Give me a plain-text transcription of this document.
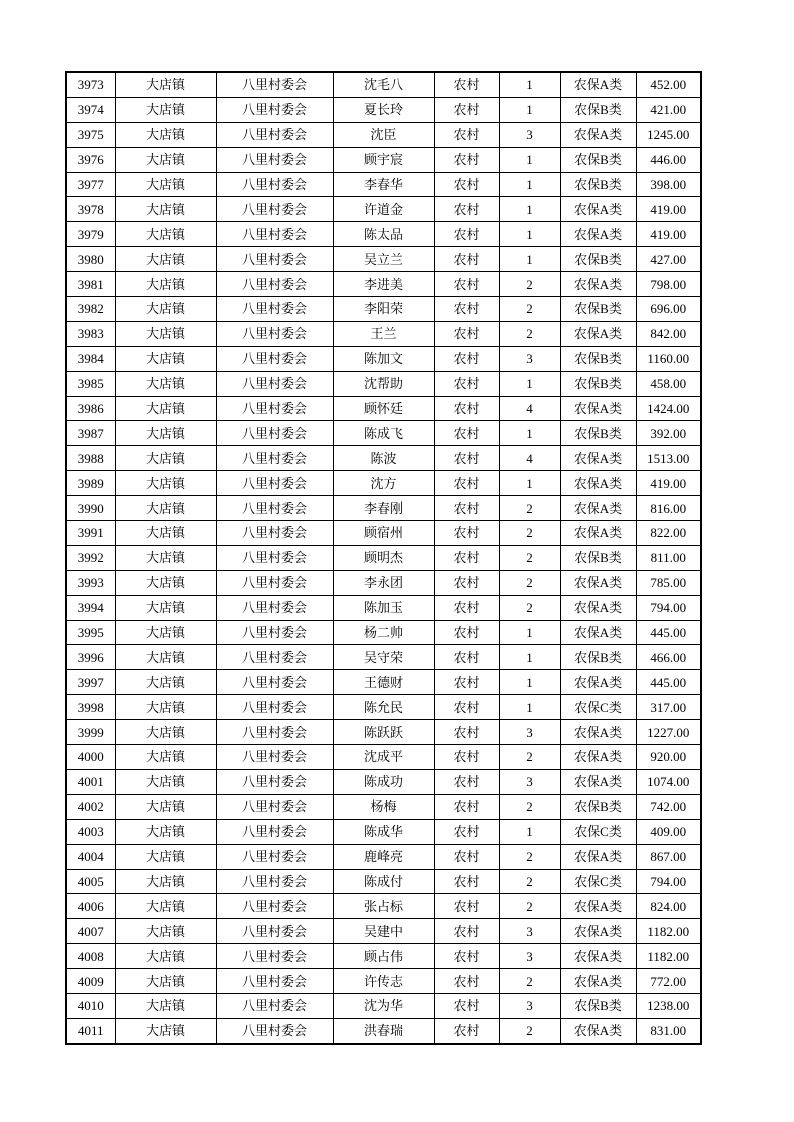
3973	大店镇	八里村委会	沈毛八	农村	1	农保A类	452.00
3974	大店镇	八里村委会	夏长玲	农村	1	农保B类	421.00
3975	大店镇	八里村委会	沈臣	农村	3	农保A类	1245.00
3976	大店镇	八里村委会	顾宇宸	农村	1	农保B类	446.00
3977	大店镇	八里村委会	李春华	农村	1	农保B类	398.00
3978	大店镇	八里村委会	许道金	农村	1	农保A类	419.00
3979	大店镇	八里村委会	陈太品	农村	1	农保A类	419.00
3980	大店镇	八里村委会	吴立兰	农村	1	农保B类	427.00
3981	大店镇	八里村委会	李进美	农村	2	农保A类	798.00
3982	大店镇	八里村委会	李阳荣	农村	2	农保B类	696.00
3983	大店镇	八里村委会	王兰	农村	2	农保A类	842.00
3984	大店镇	八里村委会	陈加文	农村	3	农保B类	1160.00
3985	大店镇	八里村委会	沈帮助	农村	1	农保B类	458.00
3986	大店镇	八里村委会	顾怀廷	农村	4	农保A类	1424.00
3987	大店镇	八里村委会	陈成飞	农村	1	农保B类	392.00
3988	大店镇	八里村委会	陈波	农村	4	农保A类	1513.00
3989	大店镇	八里村委会	沈方	农村	1	农保A类	419.00
3990	大店镇	八里村委会	李春刚	农村	2	农保A类	816.00
3991	大店镇	八里村委会	顾宿州	农村	2	农保A类	822.00
3992	大店镇	八里村委会	顾明杰	农村	2	农保B类	811.00
3993	大店镇	八里村委会	李永团	农村	2	农保A类	785.00
3994	大店镇	八里村委会	陈加玉	农村	2	农保A类	794.00
3995	大店镇	八里村委会	杨二帅	农村	1	农保A类	445.00
3996	大店镇	八里村委会	吴守荣	农村	1	农保B类	466.00
3997	大店镇	八里村委会	王德财	农村	1	农保A类	445.00
3998	大店镇	八里村委会	陈允民	农村	1	农保C类	317.00
3999	大店镇	八里村委会	陈跃跃	农村	3	农保A类	1227.00
4000	大店镇	八里村委会	沈成平	农村	2	农保A类	920.00
4001	大店镇	八里村委会	陈成功	农村	3	农保A类	1074.00
4002	大店镇	八里村委会	杨梅	农村	2	农保B类	742.00
4003	大店镇	八里村委会	陈成华	农村	1	农保C类	409.00
4004	大店镇	八里村委会	鹿峰亮	农村	2	农保A类	867.00
4005	大店镇	八里村委会	陈成付	农村	2	农保C类	794.00
4006	大店镇	八里村委会	张占标	农村	2	农保A类	824.00
4007	大店镇	八里村委会	吴建中	农村	3	农保A类	1182.00
4008	大店镇	八里村委会	顾占伟	农村	3	农保A类	1182.00
4009	大店镇	八里村委会	许传志	农村	2	农保A类	772.00
4010	大店镇	八里村委会	沈为华	农村	3	农保B类	1238.00
4011	大店镇	八里村委会	洪春瑞	农村	2	农保A类	831.00
